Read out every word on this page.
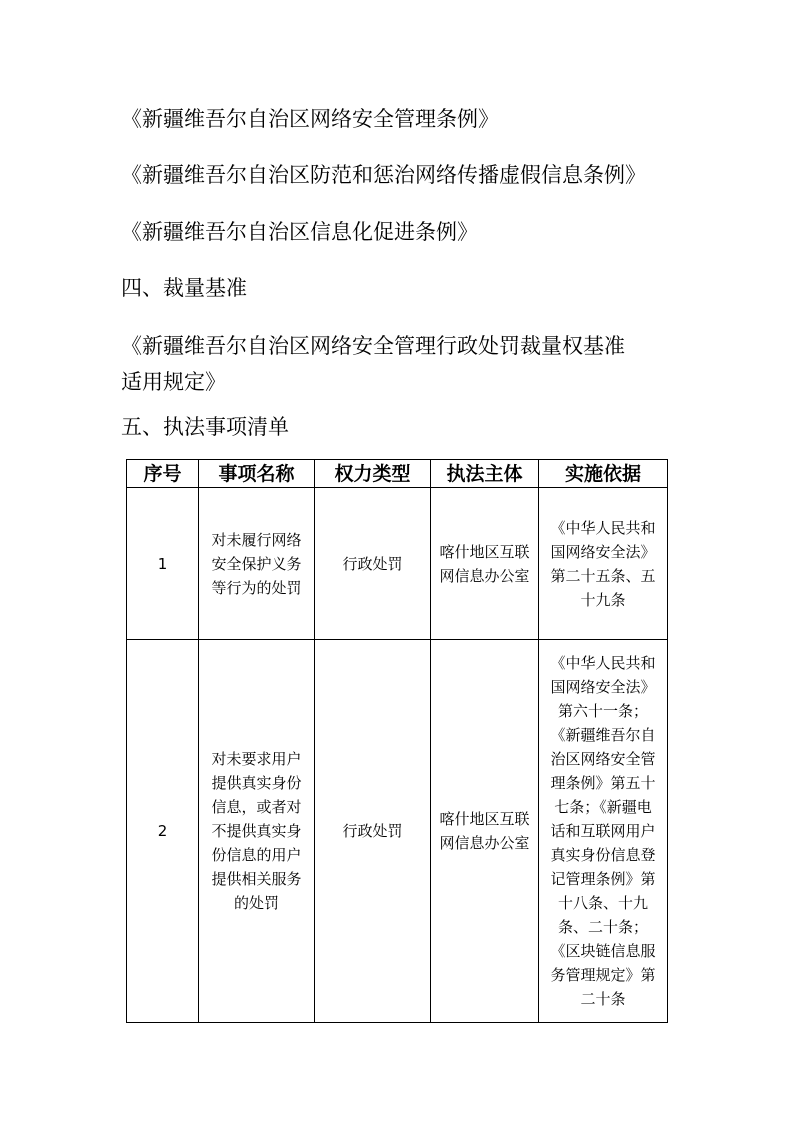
《新疆维吾尔自治区网络安全管理条例》
《新疆维吾尔自治区防范和惩治网络传播虚假信息条例》
《新疆维吾尔自治区信息化促进条例》
四、裁量基准
《新疆维吾尔自治区网络安全管理行政处罚裁量权基准
适用规定》
五、执法事项清单
序号	事项名称	权力类型	执法主体	实施依据
1	对未履行网络安全保护义务等行为的处罚	行政处罚	喀什地区互联网信息办公室	《中华人民共和国网络安全法》第二十五条、五十九条

2	对未要求用户提供真实身份信息，或者对不提供真实身份信息的用户提供相关服务的处罚	行政处罚	喀什地区互联网信息办公室	《中华人民共和国网络安全法》第六十一条；《新疆维吾尔自治区网络安全管理条例》第五十七条；《新疆电话和互联网用户真实身份信息登记管理条例》第十八条、十九条、二十条；《区块链信息服务管理规定》第二十条
